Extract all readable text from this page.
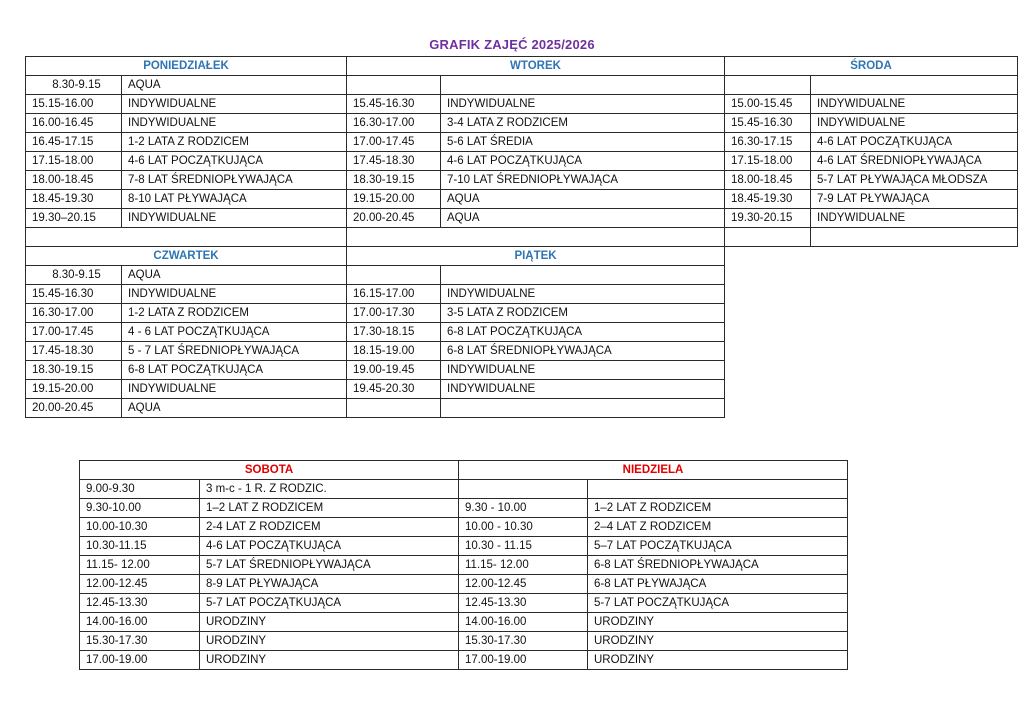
GRAFIK ZAJĘĆ 2025/2026
PONIEDZIAŁEK		WTOREK		ŚRODA	
8.30-9.15	AQUA				
15.15-16.00	INDYWIDUALNE	15.45-16.30	INDYWIDUALNE	15.00-15.45	INDYWIDUALNE
16.00-16.45	INDYWIDUALNE	16.30-17.00	3-4 LATA Z RODZICEM	15.45-16.30	INDYWIDUALNE
16.45-17.15	1-2 LATA Z RODZICEM	17.00-17.45	5-6 LAT ŚREDIA	16.30-17.15	4-6 LAT POCZĄTKUJĄCA
17.15-18.00	4-6 LAT POCZĄTKUJĄCA	17.45-18.30	4-6 LAT POCZĄTKUJĄCA	17.15-18.00	4-6 LAT ŚREDNIOPŁYWAJĄCA
18.00-18.45	7-8 LAT ŚREDNIOPŁYWAJĄCA	18.30-19.15	7-10 LAT ŚREDNIOPŁYWAJĄCA	18.00-18.45	5-7 LAT PŁYWAJĄCA MŁODSZA
18.45-19.30	8-10 LAT PŁYWAJĄCA	19.15-20.00	AQUA	18.45-19.30	7-9 LAT PŁYWAJĄCA
19.30–20.15	INDYWIDUALNE	20.00-20.45	AQUA	19.30-20.15	INDYWIDUALNE

CZWARTEK		PIĄTEK	
8.30-9.15	AQUA		
15.45-16.30	INDYWIDUALNE	16.15-17.00	INDYWIDUALNE
16.30-17.00	1-2 LATA Z RODZICEM	17.00-17.30	3-5 LATA Z RODZICEM
17.00-17.45	4 - 6 LAT POCZĄTKUJĄCA	17.30-18.15	6-8 LAT POCZĄTKUJĄCA
17.45-18.30	5 - 7 LAT ŚREDNIOPŁYWAJĄCA	18.15-19.00	6-8 LAT ŚREDNIOPŁYWAJĄCA
18.30-19.15	6-8 LAT POCZĄTKUJĄCA	19.00-19.45	INDYWIDUALNE
19.15-20.00	INDYWIDUALNE	19.45-20.30	INDYWIDUALNE
20.00-20.45	AQUA		
SOBOTA		NIEDZIELA	
9.00-9.30	3 m-c - 1 R. Z RODZIC.		
9.30-10.00	1–2 LAT Z RODZICEM	9.30 - 10.00	1–2 LAT Z RODZICEM
10.00-10.30	2-4 LAT Z RODZICEM	10.00 - 10.30	2–4 LAT Z RODZICEM
10.30-11.15	4-6 LAT POCZĄTKUJĄCA	10.30 - 11.15	5–7 LAT POCZĄTKUJĄCA
11.15- 12.00	5-7 LAT ŚREDNIOPŁYWAJĄCA	11.15- 12.00	6-8 LAT ŚREDNIOPŁYWAJĄCA
12.00-12.45	8-9 LAT PŁYWAJĄCA	12.00-12.45	6-8 LAT PŁYWAJĄCA
12.45-13.30	5-7 LAT POCZĄTKUJĄCA	12.45-13.30	5-7 LAT POCZĄTKUJĄCA
14.00-16.00	URODZINY	14.00-16.00	URODZINY
15.30-17.30	URODZINY	15.30-17.30	URODZINY
17.00-19.00	URODZINY	17.00-19.00	URODZINY
